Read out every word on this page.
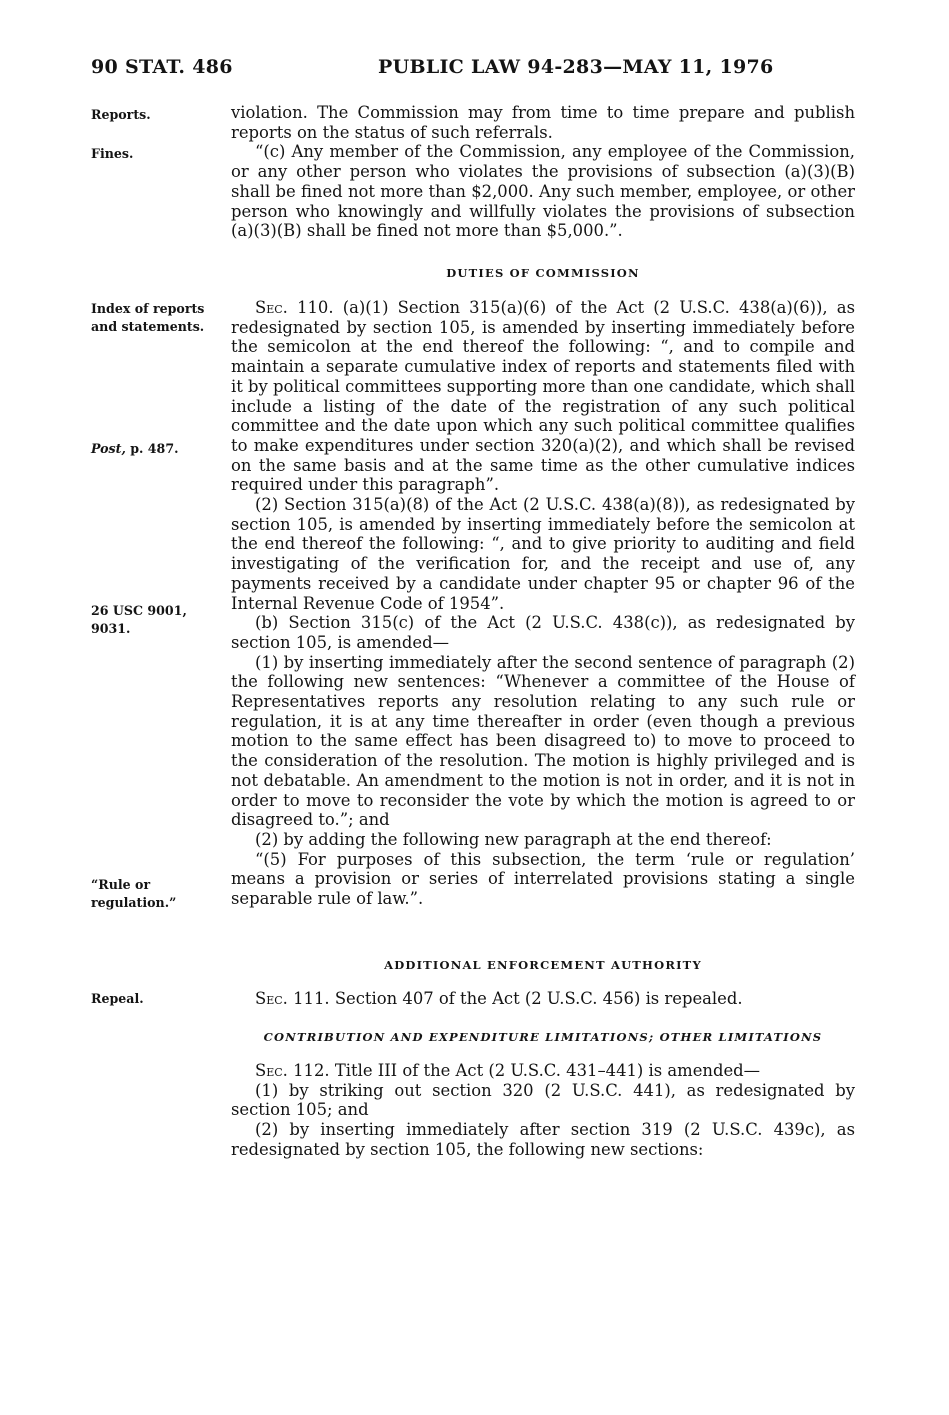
90 STAT. 486	PUBLIC LAW 94-283—MAY 11, 1976
Reports.
Fines.
Index of reports and statements.
Post, p. 487.
26 USC 9001, 9031.
“Rule or regulation.”
Repeal.

violation. The Commission may from time to time prepare and publish reports on the status of such referrals.

“(c) Any member of the Commission, any employee of the Commission, or any other person who violates the provisions of subsection (a)(3)(B) shall be fined not more than $2,000. Any such member, employee, or other person who knowingly and willfully violates the provisions of subsection (a)(3)(B) shall be fined not more than $5,000.”.

DUTIES OF COMMISSION

Sec. 110. (a)(1) Section 315(a)(6) of the Act (2 U.S.C. 438(a)(6)), as redesignated by section 105, is amended by inserting immediately before the semicolon at the end thereof the following: “, and to compile and maintain a separate cumulative index of reports and statements filed with it by political committees supporting more than one candidate, which shall include a listing of the date of the registration of any such political committee and the date upon which any such political committee qualifies to make expenditures under section 320(a)(2), and which shall be revised on the same basis and at the same time as the other cumulative indices required under this paragraph”.

(2) Section 315(a)(8) of the Act (2 U.S.C. 438(a)(8)), as redesignated by section 105, is amended by inserting immediately before the semicolon at the end thereof the following: “, and to give priority to auditing and field investigating of the verification for, and the receipt and use of, any payments received by a candidate under chapter 95 or chapter 96 of the Internal Revenue Code of 1954”.

(b) Section 315(c) of the Act (2 U.S.C. 438(c)), as redesignated by section 105, is amended—

(1) by inserting immediately after the second sentence of paragraph (2) the following new sentences: “Whenever a committee of the House of Representatives reports any resolution relating to any such rule or regulation, it is at any time thereafter in order (even though a previous motion to the same effect has been disagreed to) to move to proceed to the consideration of the resolution. The motion is highly privileged and is not debatable. An amendment to the motion is not in order, and it is not in order to move to reconsider the vote by which the motion is agreed to or disagreed to.”; and

(2) by adding the following new paragraph at the end thereof:

“(5) For purposes of this subsection, the term ‘rule or regulation’ means a provision or series of interrelated provisions stating a single separable rule of law.”.

ADDITIONAL ENFORCEMENT AUTHORITY

Sec. 111. Section 407 of the Act (2 U.S.C. 456) is repealed.

CONTRIBUTION AND EXPENDITURE LIMITATIONS; OTHER LIMITATIONS

Sec. 112. Title III of the Act (2 U.S.C. 431–441) is amended—

(1) by striking out section 320 (2 U.S.C. 441), as redesignated by section 105; and

(2) by inserting immediately after section 319 (2 U.S.C. 439c), as redesignated by section 105, the following new sections:
